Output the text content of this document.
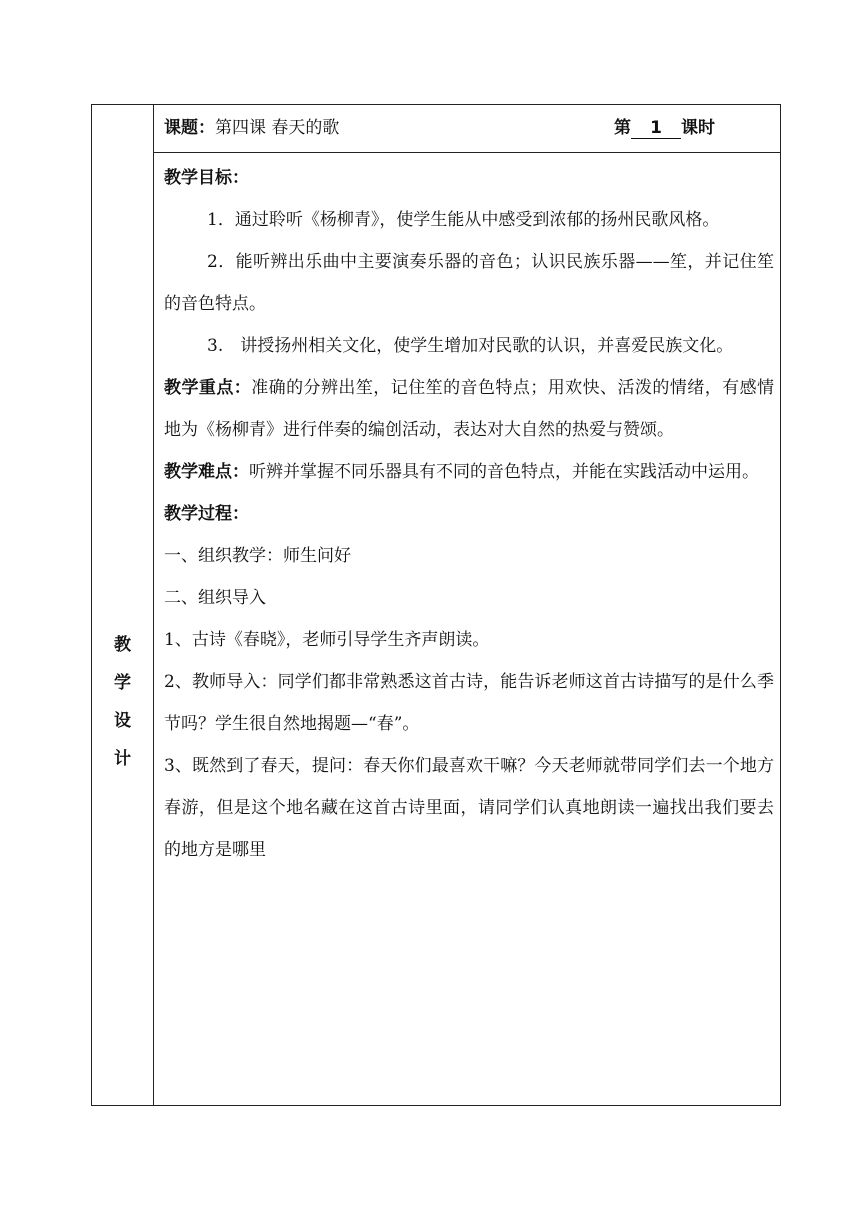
教
学
设
计
课题：第四课 春天的歌	第 1 课时

教学目标：

1．通过聆听《杨柳青》，使学生能从中感受到浓郁的扬州民歌风格。

2．能听辨出乐曲中主要演奏乐器的音色；认识民族乐器——笙，并记住笙的音色特点。

3.　讲授扬州相关文化，使学生增加对民歌的认识，并喜爱民族文化。

教学重点：准确的分辨出笙，记住笙的音色特点；用欢快、活泼的情绪，有感情地为《杨柳青》进行伴奏的编创活动，表达对大自然的热爱与赞颂。

教学难点：听辨并掌握不同乐器具有不同的音色特点，并能在实践活动中运用。

教学过程：

一、组织教学：师生问好

二、组织导入

1、古诗《春晓》，老师引导学生齐声朗读。

2、教师导入：同学们都非常熟悉这首古诗，能告诉老师这首古诗描写的是什么季节吗？学生很自然地揭题—“春”。

3、既然到了春天，提问：春天你们最喜欢干嘛？今天老师就带同学们去一个地方春游，但是这个地名藏在这首古诗里面，请同学们认真地朗读一遍找出我们要去的地方是哪里
